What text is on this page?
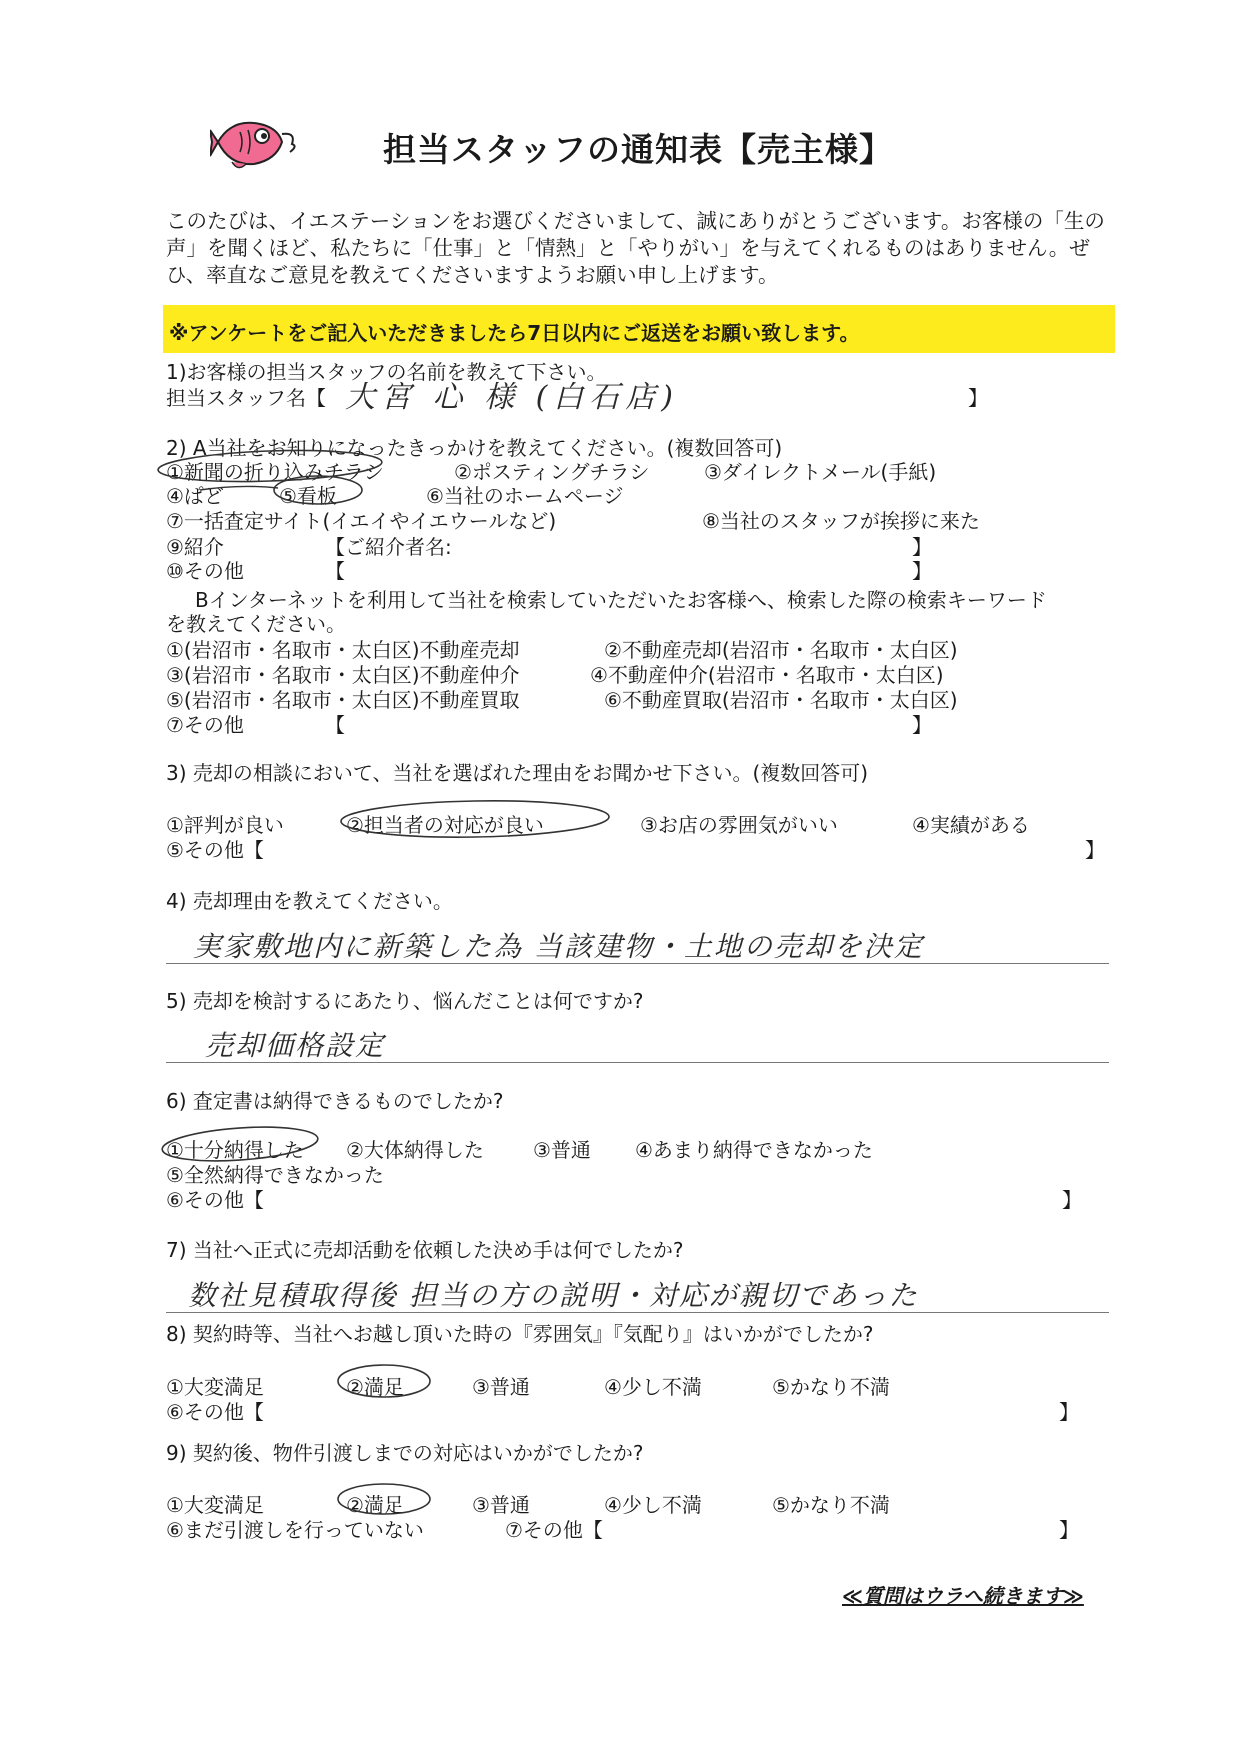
担当スタッフの通知表【売主様】
このたびは、イエステーションをお選びくださいまして、誠にありがとうございます。お客様の「生の声」を聞くほど、私たちに「仕事」と「情熱」と「やりがい」を与えてくれるものはありません。ぜひ、率直なご意見を教えてくださいますようお願い申し上げます。
※アンケートをご記入いただきましたら7日以内にご返送をお願い致します。
1)お客様の担当スタッフの名前を教えて下さい。
担当スタッフ名【 大宮 心 様 (白石店)	】
2) A当社をお知りになったきっかけを教えてください。(複数回答可)
①新聞の折り込みチラシ	②ポスティングチラシ	③ダイレクトメール(手紙)
④ぱど	⑤看板	⑥当社のホームページ
⑦一括査定サイト(イエイやイエウールなど)	⑧当社のスタッフが挨拶に来た
⑨紹介	【ご紹介者名:	】
⑩その他	【	】
Bインターネットを利用して当社を検索していただいたお客様へ、検索した際の検索キーワード
を教えてください。
①(岩沼市・名取市・太白区)不動産売却	②不動産売却(岩沼市・名取市・太白区)
③(岩沼市・名取市・太白区)不動産仲介	④不動産仲介(岩沼市・名取市・太白区)
⑤(岩沼市・名取市・太白区)不動産買取	⑥不動産買取(岩沼市・名取市・太白区)
⑦その他	【	】
3) 売却の相談において、当社を選ばれた理由をお聞かせ下さい。(複数回答可)
①評判が良い	②担当者の対応が良い	③お店の雰囲気がいい	④実績がある
⑤その他【	】
4) 売却理由を教えてください。
実家敷地内に新築した為 当該建物・土地の売却を決定
5) 売却を検討するにあたり、悩んだことは何ですか?
売却価格設定
6) 査定書は納得できるものでしたか?
①十分納得した ②大体納得した ③普通 ④あまり納得できなかった
⑤全然納得できなかった
⑥その他【	】
7) 当社へ正式に売却活動を依頼した決め手は何でしたか?
数社見積取得後 担当の方の説明・対応が親切であった
8) 契約時等、当社へお越し頂いた時の『雰囲気』『気配り』はいかがでしたか?
①大変満足	②満足	③普通	④少し不満	⑤かなり不満
⑥その他【	】
9) 契約後、物件引渡しまでの対応はいかがでしたか?
①大変満足	②満足	③普通	④少し不満	⑤かなり不満
⑥まだ引渡しを行っていない	⑦その他【	】
≪質問はウラへ続きます≫
